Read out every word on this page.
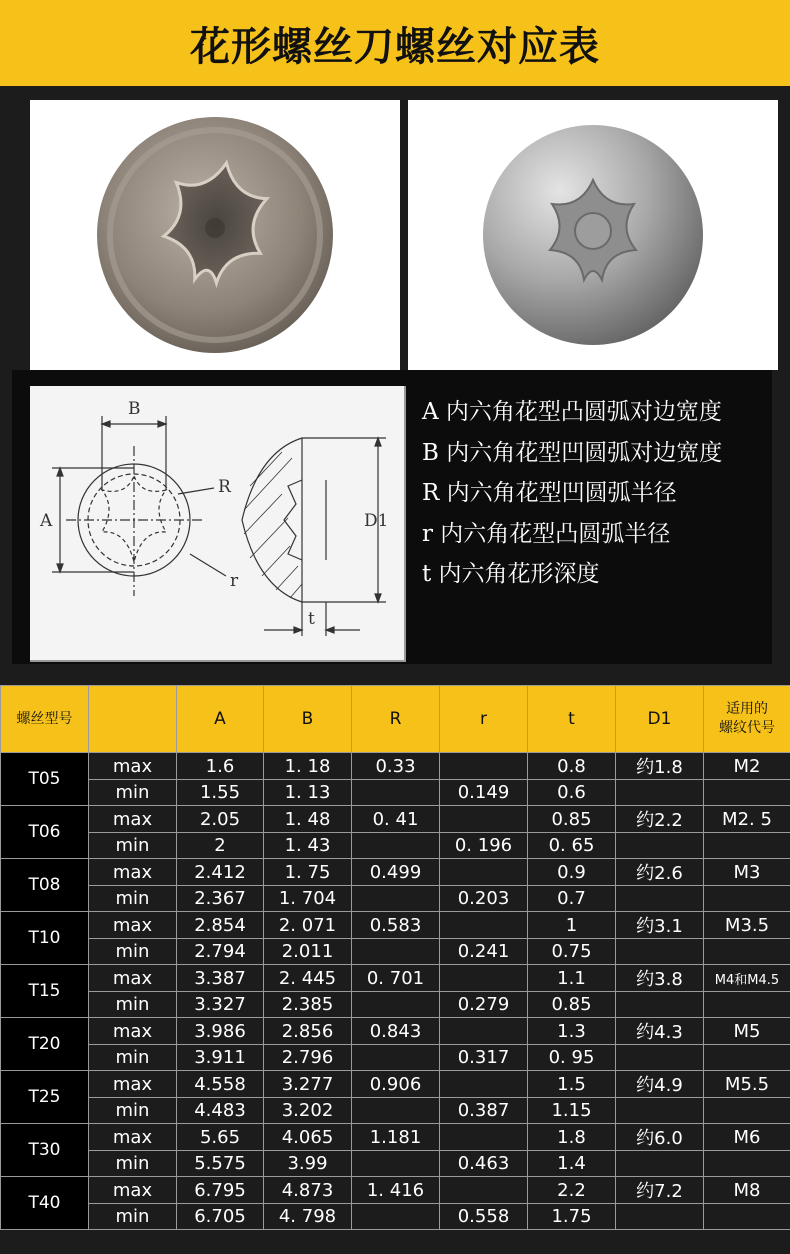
花形螺丝刀螺丝对应表
B
A
R
r
D1
t
A 内六角花型凸圆弧对边宽度
B 内六角花型凹圆弧对边宽度
R 内六角花型凹圆弧半径
r 内六角花型凸圆弧半径
t 内六角花形深度
螺丝型号		A	B	R	r	t	D1	适用的
螺纹代号
T05	max	1.6	1. 18	0.33		0.8	约1.8	M2
	min	1.55	1. 13		0.149	0.6		
T06	max	2.05	1. 48	0. 41		0.85	约2.2	M2. 5
	min	2	1. 43		0. 196	0. 65		
T08	max	2.412	1. 75	0.499		0.9	约2.6	M3
	min	2.367	1. 704		0.203	0.7		
T10	max	2.854	2. 071	0.583		1	约3.1	M3.5
	min	2.794	2.011		0.241	0.75		
T15	max	3.387	2. 445	0. 701		1.1	约3.8	M4和M4.5
	min	3.327	2.385		0.279	0.85		
T20	max	3.986	2.856	0.843		1.3	约4.3	M5
	min	3.911	2.796		0.317	0. 95		
T25	max	4.558	3.277	0.906		1.5	约4.9	M5.5
	min	4.483	3.202		0.387	1.15		
T30	max	5.65	4.065	1.181		1.8	约6.0	M6
	min	5.575	3.99		0.463	1.4		
T40	max	6.795	4.873	1. 416		2.2	约7.2	M8
	min	6.705	4. 798		0.558	1.75		
